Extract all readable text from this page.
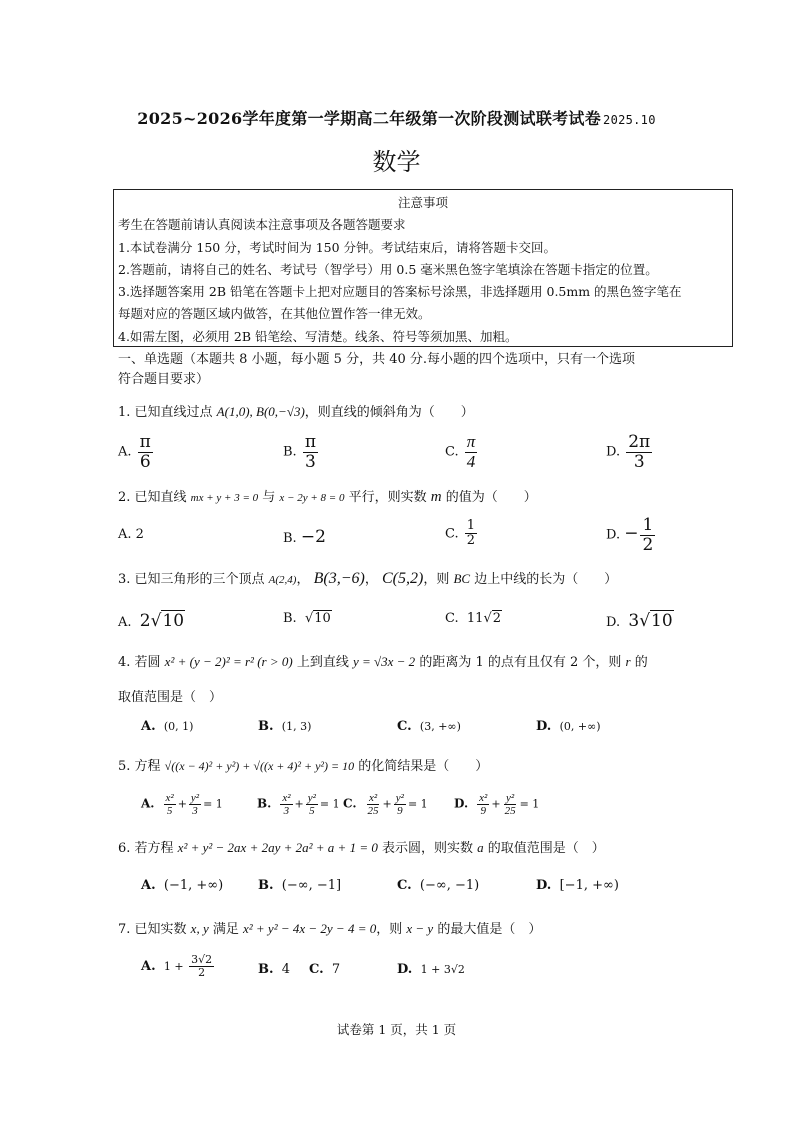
2025~2026学年度第一学期高二年级第一次阶段测试联考试卷 2025.10
数学
注意事项
考生在答题前请认真阅读本注意事项及各题答题要求
1.本试卷满分 150 分，考试时间为 150 分钟。考试结束后，请将答题卡交回。
2.答题前，请将自己的姓名、考试号（智学号）用 0.5 毫米黑色签字笔填涂在答题卡指定的位置。
3.选择题答案用 2B 铅笔在答题卡上把对应题目的答案标号涂黑，非选择题用 0.5mm 的黑色签字笔在
每题对应的答题区域内做答，在其他位置作答一律无效。
4.如需左图，必须用 2B 铅笔绘、写清楚。线条、符号等须加黑、加粗。
一、单选题（本题共 8 小题，每小题 5 分，共 40 分.每小题的四个选项中，只有一个选项
符合题目要求）
1. 已知直线过点 A(1,0), B(0,−√3)，则直线的倾斜角为（　　）
A. $\frac{\pi}{6}$	B. $\frac{\pi}{3}$	C. $\frac{\pi}{4}$	D. $\frac{2\pi}{3}$
2. 已知直线 mx + y + 3 = 0 与 x − 2y + 8 = 0 平行，则实数 m 的值为（　　）
A. 2	B. −2	C. $\frac{1}{2}$	D. − $\frac{1}{2}$
3. 已知三角形的三个顶点 A(2,4)， B(3,−6)， C(5,2)，则 BC 边上中线的长为（　　）
A. 2√10	B. √10	C. 11√2	D. 3√10
4. 若圆 x² + (y − 2)² = r² (r > 0) 上到直线 y = √3x − 2 的距离为 1 的点有且仅有 2 个，则 r 的
取值范围是（　）
A. (0, 1)	B. (1, 3)	C. (3, +∞)	D. (0, +∞)
5. 方程 √((x − 4)² + y²) + √((x + 4)² + y²) = 10 的化简结果是（　　）
A. $\frac{\text{x²}}{5} + \frac{\text{y²}}{3} = 1$	B. $\frac{\text{x²}}{3} + \frac{\text{y²}}{5} = 1$ C. $\frac{\text{x²}}{25} + \frac{\text{y²}}{9} = 1$ D. $\frac{\text{x²}}{9} + \frac{\text{y²}}{25} = 1$
6. 若方程 x² + y² − 2ax + 2ay + 2a² + a + 1 = 0 表示圆，则实数 a 的取值范围是（　）
A. (−1, +∞)	B. (−∞, −1]	C. (−∞, −1)	D. [−1, +∞)
7. 已知实数 x, y 满足 x² + y² − 4x − 2y − 4 = 0，则 x − y 的最大值是（　）
A. $1 + \frac{3√2}{2}$	B. 4 C. 7	D. 1 + 3√2
试卷第 1 页，共 1 页
